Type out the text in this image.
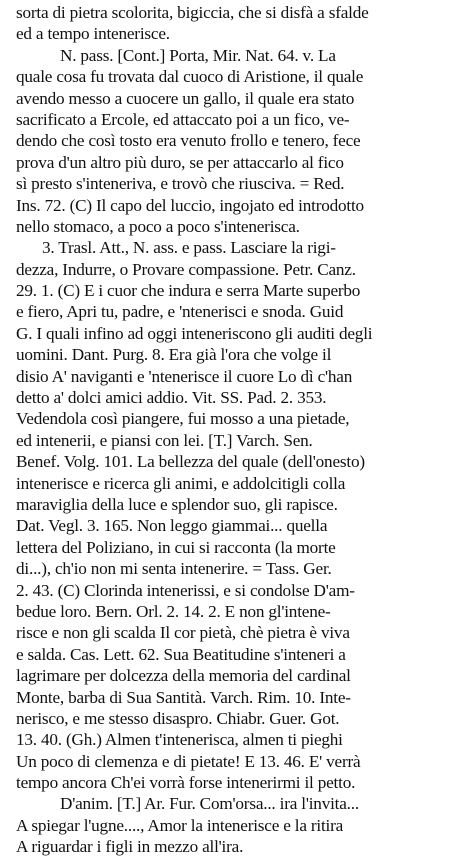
sorta di pietra scolorita, bigiccia, che si disfà a sfalde
ed a tempo intenerisce.
N. pass. [Cont.] Porta, Mir. Nat. 64. v. La
quale cosa fu trovata dal cuoco di Aristione, il quale
avendo messo a cuocere un gallo, il quale era stato
sacrificato a Ercole, ed attaccato poi a un fico, ve-
dendo che così tosto era venuto frollo e tenero, fece
prova d'un altro più duro, se per attaccarlo al fico
sì presto s'inteneriva, e trovò che riusciva. = Red.
Ins. 72. (C) Il capo del luccio, ingojato ed introdotto
nello stomaco, a poco a poco s'intenerisca.
3. Trasl. Att., N. ass. e pass. Lasciare la rigi-
dezza, Indurre, o Provare compassione. Petr. Canz.
29. 1. (C) E i cuor che indura e serra Marte superbo
e fiero, Apri tu, padre, e 'ntenerisci e snoda. Guid
G. I quali infino ad oggi inteneriscono gli auditi degli
uomini. Dant. Purg. 8. Era già l'ora che volge il
disio A' naviganti e 'ntenerisce il cuore Lo dì c'han
detto a' dolci amici addio. Vit. SS. Pad. 2. 353.
Vedendola così piangere, fui mosso a una pietade,
ed intenerii, e piansi con lei. [T.] Varch. Sen.
Benef. Volg. 101. La bellezza del quale (dell'onesto)
intenerisce e ricerca gli animi, e addolcitigli colla
maraviglia della luce e splendor suo, gli rapisce.
Dat. Vegl. 3. 165. Non leggo giammai... quella
lettera del Poliziano, in cui si racconta (la morte
di...), ch'io non mi senta intenerire. = Tass. Ger.
2. 43. (C) Clorinda intenerissi, e si condolse D'am-
bedue loro. Bern. Orl. 2. 14. 2. E non gl'intene-
risce e non gli scalda Il cor pietà, chè pietra è viva
e salda. Cas. Lett. 62. Sua Beatitudine s'inteneri a
lagrimare per dolcezza della memoria del cardinal
Monte, barba di Sua Santità. Varch. Rim. 10. Inte-
nerisco, e me stesso disaspro. Chiabr. Guer. Got.
13. 40. (Gh.) Almen t'intenerisca, almen ti pieghi
Un poco di clemenza e di pietate! E 13. 46. E' verrà
tempo ancora Ch'ei vorrà forse intenerirmi il petto.
D'anim. [T.] Ar. Fur. Com'orsa... ira l'invita...
A spiegar l'ugne...., Amor la intenerisce e la ritira
A riguardar i figli in mezzo all'ira.
